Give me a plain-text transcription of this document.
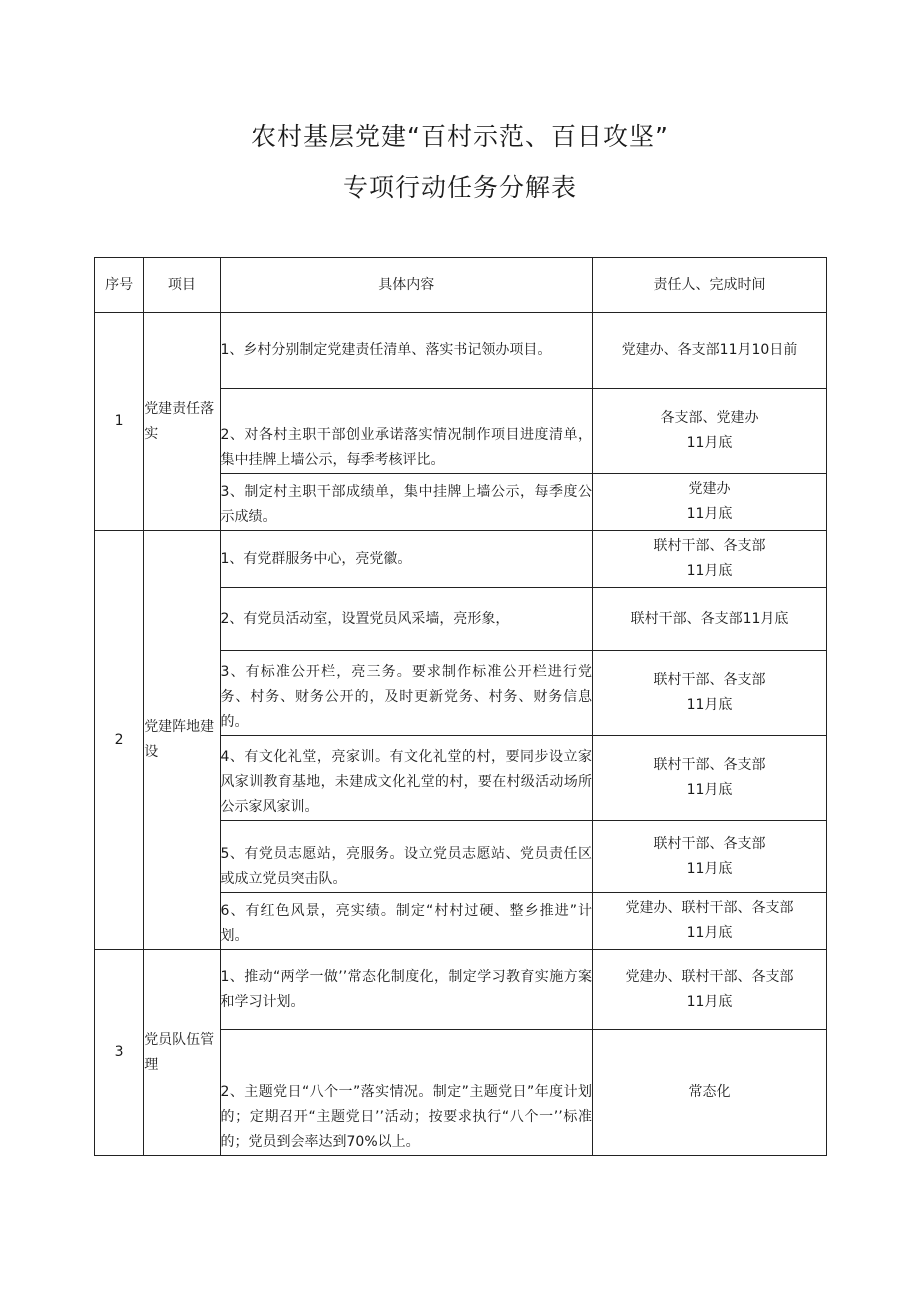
农村基层党建“百村示范、百日攻坚”
专项行动任务分解表
序号	项目	具体内容	责任人、完成时间
1	党建责任落实	1、乡村分别制定党建责任清单、落实书记领办项目。	党建办、各支部11月10日前
		2、对各村主职干部创业承诺落实情况制作项目进度清单，集中挂牌上墙公示，每季考核评比。	各支部、党建办
11月底
		3、制定村主职干部成绩单，集中挂牌上墙公示，每季度公示成绩。	党建办
11月底
2	党建阵地建设	1、有党群服务中心，亮党徽。	联村干部、各支部
11月底
		2、有党员活动室，设置党员风采墙，亮形象，	联村干部、各支部11月底
		3、有标准公开栏，亮三务。要求制作标准公开栏进行党务、村务、财务公开的，及时更新党务、村务、财务信息的。	联村干部、各支部
11月底
		4、有文化礼堂，亮家训。有文化礼堂的村，要同步设立家风家训教育基地，未建成文化礼堂的村，要在村级活动场所公示家风家训。	联村干部、各支部
11月底
		5、有党员志愿站，亮服务。设立党员志愿站、党员责任区或成立党员突击队。	联村干部、各支部
11月底
		6、有红色风景，亮实绩。制定“村村过硬、整乡推进”计划。	党建办、联村干部、各支部
11月底
3	党员队伍管理	1、推动“两学一做’’常态化制度化，制定学习教育实施方案和学习计划。	党建办、联村干部、各支部
11月底
		2、主题党日“八个一”落实情况。制定”主题党日”年度计划的；定期召开“主题党日’’活动；按要求执行“八个一’’标准的；党员到会率达到70%以上。	常态化
